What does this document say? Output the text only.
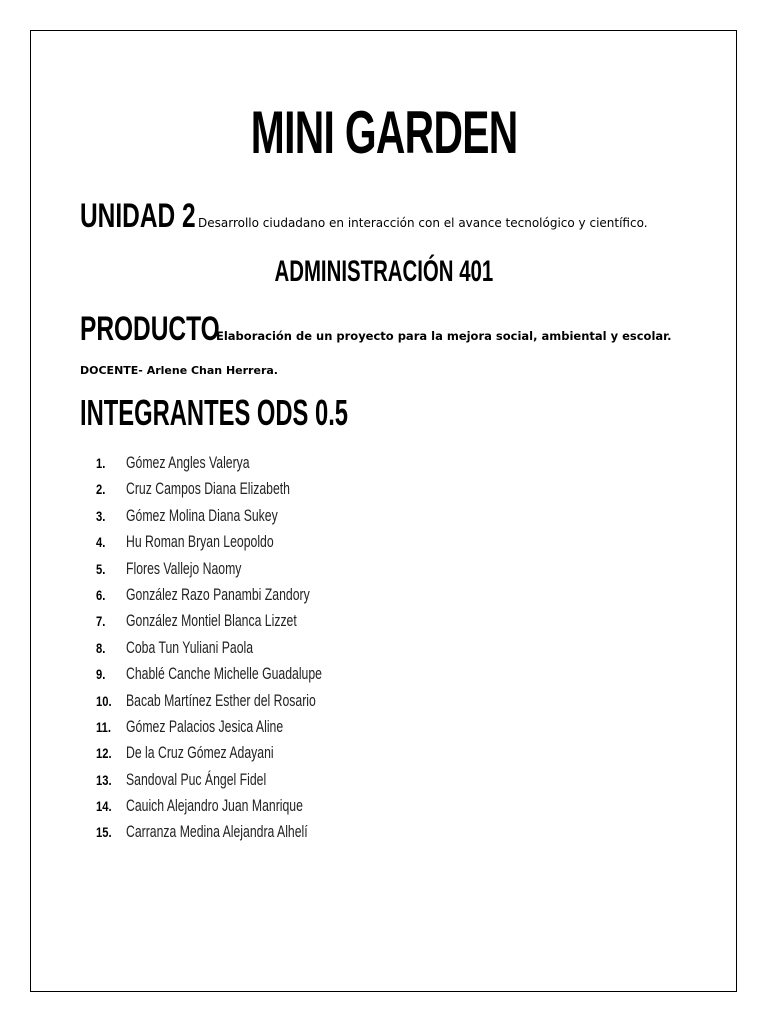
MINI GARDEN
UNIDAD 2 Desarrollo ciudadano en interacción con el avance tecnológico y científico.
ADMINISTRACIÓN 401
PRODUCTOElaboración de un proyecto para la mejora social, ambiental y escolar.
DOCENTE- Arlene Chan Herrera.
INTEGRANTES ODS 0.5
1. Gómez Angles Valerya
2. Cruz Campos Diana Elizabeth
3. Gómez Molina Diana Sukey
4. Hu Roman Bryan Leopoldo
5. Flores Vallejo Naomy
6. González Razo Panambi Zandory
7. González Montiel Blanca Lizzet
8. Coba Tun Yuliani Paola
9. Chablé Canche Michelle Guadalupe
10. Bacab Martínez Esther del Rosario
11. Gómez Palacios Jesica Aline
12. De la Cruz Gómez Adayani
13. Sandoval Puc Ángel Fidel
14. Cauich Alejandro Juan Manrique
15. Carranza Medina Alejandra Alhelí
